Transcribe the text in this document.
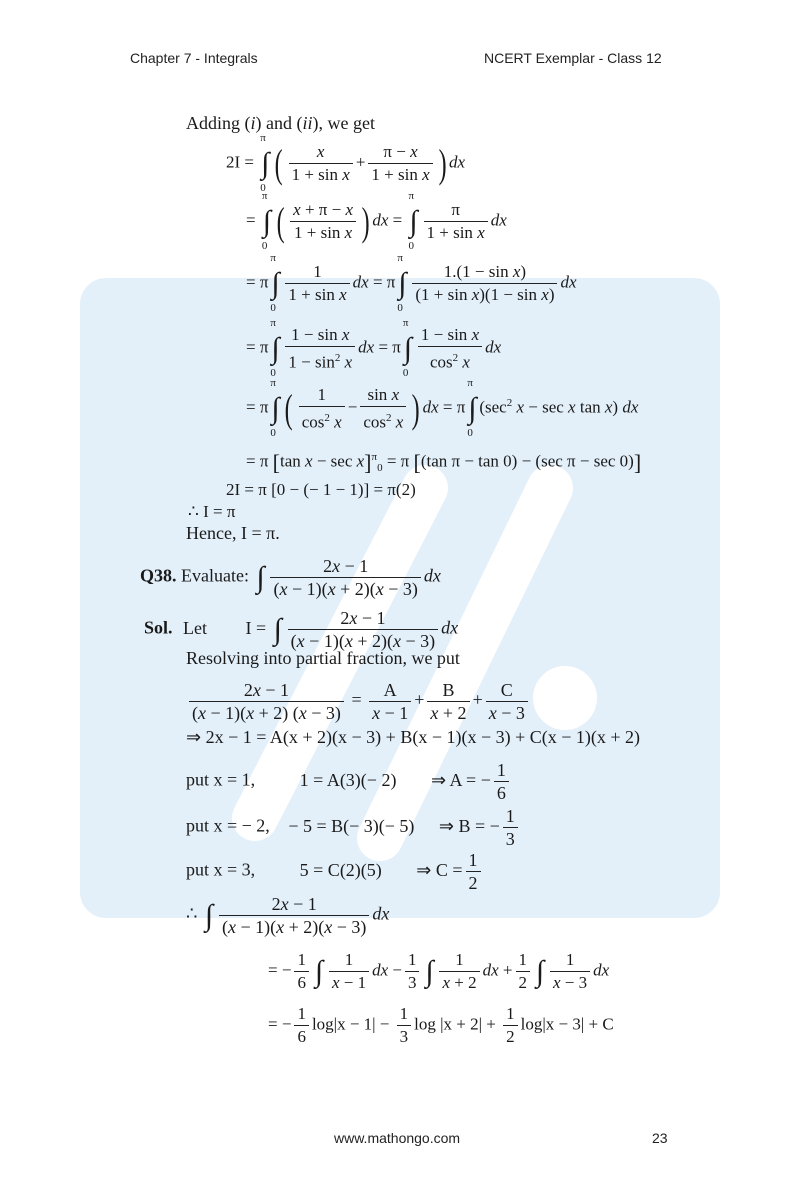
Chapter 7 - Integrals	NCERT Exemplar - Class 12
Adding (i) and (ii), we get
2I =
π
∫
0
( $\frac{x}{\text{1 + sin x}} + \frac{\pi - x}{\text{1 + sin x}}$ ) dx
=
π
∫
0
( $\frac{x + \pi - x}{\text{1 + sin x}}$ ) dx =
π
∫
0
$\frac{\pi}{\text{1 + sin x}}$ dx
= π
π
∫
0
$\frac{1}{\text{1 + sin x}}$ dx = π
π
∫
0
$\frac{\text{1.(1 − sin x)}}{\text{(1 + sin x)(1 − sin x)}}$ dx
= π
π
∫
0
$\frac{\text{1 − sin x}}{1 - \sin^2 x}$ dx = π
π
∫
0
$\frac{\text{1 − sin x}}{\cos^2 x}$ dx
= π
π
∫
0
( $\frac{1}{\cos^2 x} - \frac{\text{sin x}}{\cos^2 x}$ ) dx = π
π
∫
0
($\sec^2$ x − sec x tan x) dx
= π [tan x − sec x]$^\pi_0$ = π [(tan π − tan 0) − (sec π − sec 0)]
2I = π [0 − (− 1 − 1)] = π(2)
∴ I = π
Hence, I = π.
Q38. Evaluate: ∫ $\frac{2x - 1}{(x - 1)(x + 2)(x - 3)}$ dx
Sol. Let I = ∫ $\frac{2x - 1}{(x - 1)(x + 2)(x - 3)}$ dx
Resolving into partial fraction, we put
$\frac{2x - 1}{(x - 1)(x + 2) (x - 3)} = \frac{A}{x - 1} + \frac{B}{x + 2} + \frac{C}{x - 3}$
⇒ 2x − 1 = A(x + 2)(x − 3) + B(x − 1)(x − 3) + C(x − 1)(x + 2)
put x = 1, 1 = A(3)(− 2) ⇒ A = − $\frac{1}{6}$
put x = − 2, − 5 = B(− 3)(− 5) ⇒ B = − $\frac{1}{3}$
put x = 3, 5 = C(2)(5) ⇒ $C = \frac{1}{2}$
∴ ∫ $\frac{2x - 1}{(x - 1)(x + 2)(x - 3)}$ dx
= − $\frac{1}{6}$ ∫ $\frac{1}{x - 1}$ dx − $\frac{1}{3}$ ∫ $\frac{1}{x + 2}$ dx + $\frac{1}{2}$ ∫ $\frac{1}{x - 3}$ dx
= − $\frac{1}{6} \log|x - 1| - \frac{1}{3}$ $\log |x + 2| + \frac{1}{2} \log|x - 3| + C$
www.mathongo.com	23
